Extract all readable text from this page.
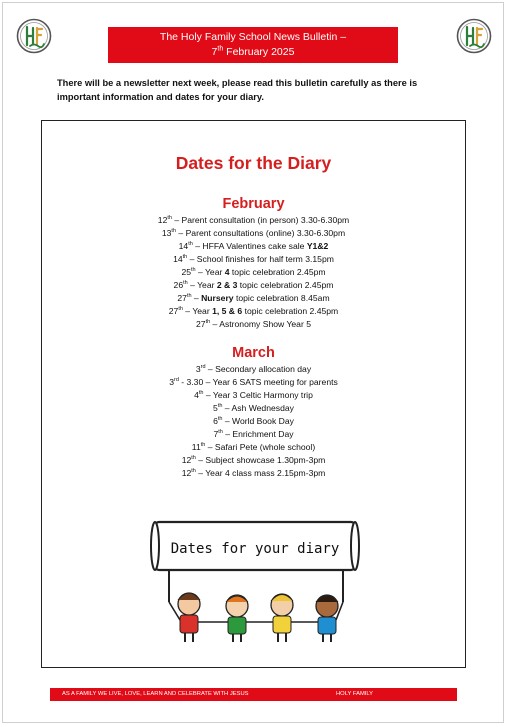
The Holy Family School News Bulletin –
7th February 2025
There will be a newsletter next week, please read this bulletin carefully as there is important information and dates for your diary.
Dates for the Diary
February
12th – Parent consultation (in person) 3.30-6.30pm
13th – Parent consultations (online) 3.30-6.30pm
14th – HFFA Valentines cake sale Y1&2
14th – School finishes for half term 3.15pm
25th – Year 4 topic celebration 2.45pm
26th – Year 2 & 3 topic celebration 2.45pm
27th – Nursery topic celebration 8.45am
27th – Year 1, 5 & 6 topic celebration 2.45pm
27th – Astronomy Show Year 5
March
3rd – Secondary allocation day
3rd - 3.30 – Year 6 SATS meeting for parents
4th – Year 3 Celtic Harmony trip
5th – Ash Wednesday
6th – World Book Day
7th – Enrichment Day
11th – Safari Pete (whole school)
12th – Subject showcase 1.30pm-3pm
12th – Year 4 class mass 2.15pm-3pm
Dates for your diary
AS A FAMILY WE LIVE, LOVE, LEARN AND CELEBRATE WITH JESUS	HOLY FAMILY
